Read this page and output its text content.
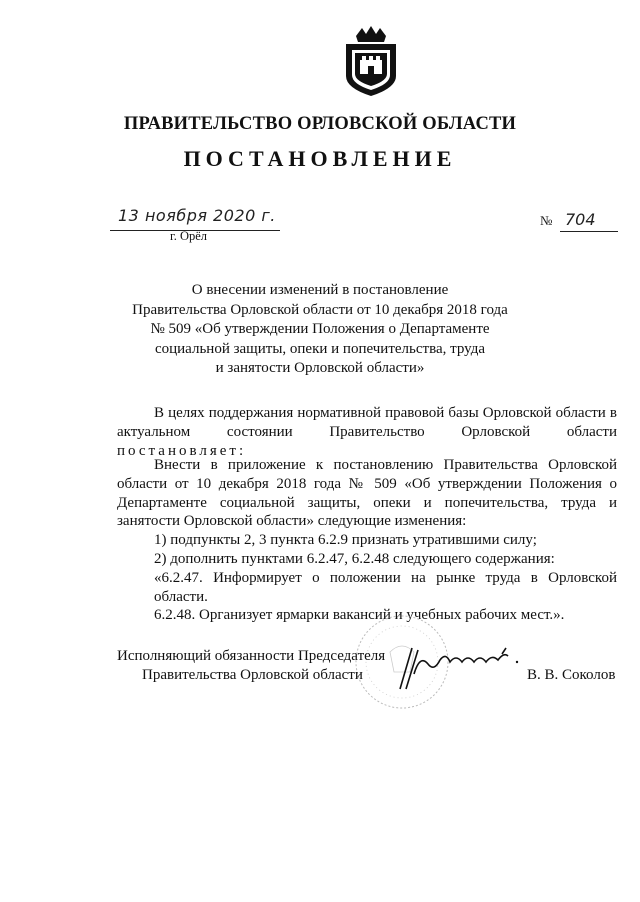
ПРАВИТЕЛЬСТВО ОРЛОВСКОЙ ОБЛАСТИ
ПОСТАНОВЛЕНИЕ
13 ноября 2020 г.
г. Орёл
№ 704
О внесении изменений в постановление
Правительства Орловской области от 10 декабря 2018 года
№ 509 «Об утверждении Положения о Департаменте
социальной защиты, опеки и попечительства, труда
и занятости Орловской области»
В целях поддержания нормативной правовой базы Орловской области в актуальном состоянии Правительство Орловской области постановляет:
Внести в приложение к постановлению Правительства Орловской области от 10 декабря 2018 года № 509 «Об утверждении Положения о Департаменте социальной защиты, опеки и попечительства, труда и занятости Орловской области» следующие изменения:
1) подпункты 2, 3 пункта 6.2.9 признать утратившими силу;
2) дополнить пунктами 6.2.47, 6.2.48 следующего содержания:
«6.2.47. Информирует о положении на рынке труда в Орловской области.
6.2.48. Организует ярмарки вакансий и учебных рабочих мест.».
Исполняющий обязанности Председателя
Правительства Орловской области	В. В. Соколов
